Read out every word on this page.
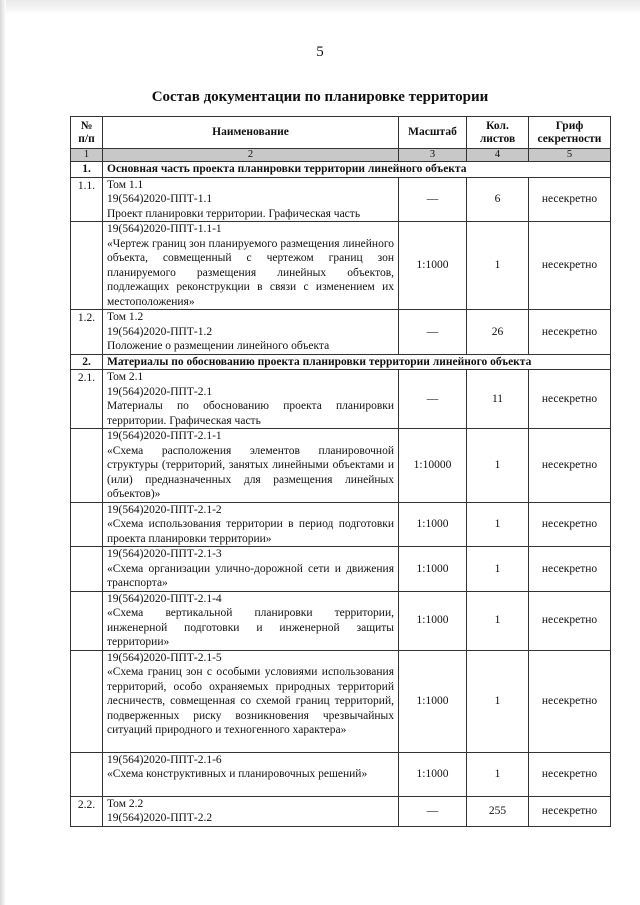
5
Состав документации по планировке территории
№ п/п	Наименование	Масштаб	Кол. листов	Гриф секретности
1	2	3	4	5
1.	Основная часть проекта планировки территории линейного объекта			
1.1.	Том 1.1
19(564)2020-ППТ-1.1
Проект планировки территории. Графическая часть	—	6	несекретно

	19(564)2020-ППТ-1.1-1
«Чертеж границ зон планируемого размещения линейного объекта, совмещенный с чертежом границ зон планируемого размещения линейных объектов, подлежащих реконструкции в связи с изменением их местоположения»	1:1000	1	несекретно
1.2.	Том 1.2
19(564)2020-ППТ-1.2
Положение о размещении линейного объекта	—	26	несекретно
2.	Материалы по обоснованию проекта планировки территории линейного объекта			
2.1.	Том 2.1
19(564)2020-ППТ-2.1
Материалы по обоснованию проекта планировки территории. Графическая часть	—	11	несекретно

	19(564)2020-ППТ-2.1-1
«Схема расположения элементов планировочной структуры (территорий, занятых линейными объектами и (или) предназначенных для размещения линейных объектов)»	1:10000	1	несекретно

	19(564)2020-ППТ-2.1-2
«Схема использования территории в период подготовки проекта планировки территории»	1:1000	1	несекретно

	19(564)2020-ППТ-2.1-3
«Схема организации улично-дорожной сети и движения транспорта»	1:1000	1	несекретно

	19(564)2020-ППТ-2.1-4
«Схема вертикальной планировки территории, инженерной подготовки и инженерной защиты территории»	1:1000	1	несекретно

	19(564)2020-ППТ-2.1-5
«Схема границ зон с особыми условиями использования территорий, особо охраняемых природных территорий лесничеств, совмещенная со схемой границ территорий, подверженных риску возникновения чрезвычайных ситуаций природного и техногенного характера»	1:1000	1	несекретно

	19(564)2020-ППТ-2.1-6
«Схема конструктивных и планировочных решений»	1:1000	1	несекретно
2.2.	Том 2.2
19(564)2020-ППТ-2.2	—	255	несекретно
